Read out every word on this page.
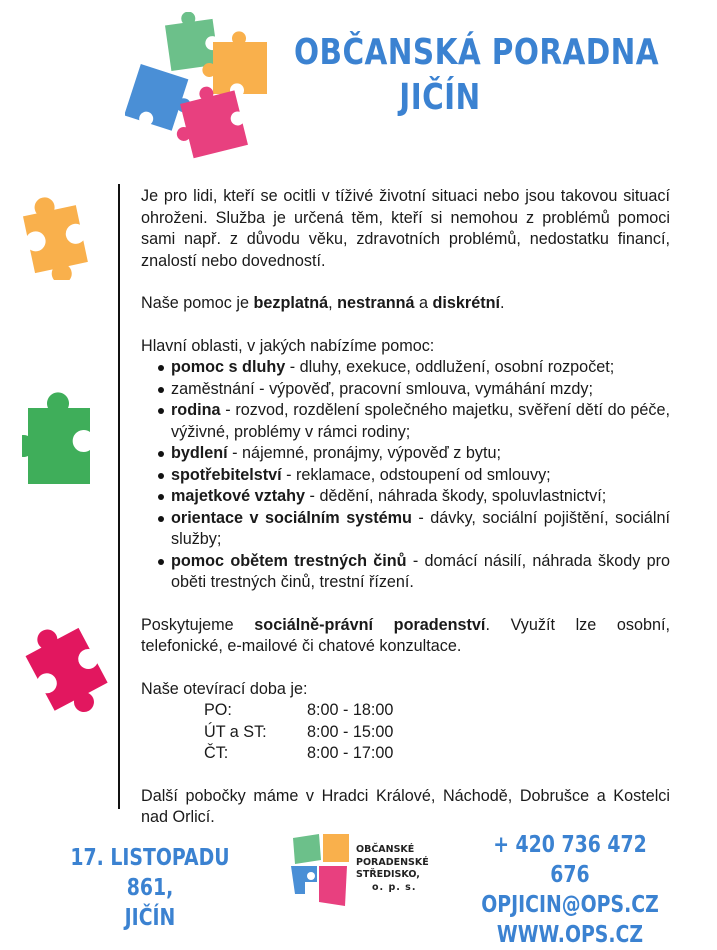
OBČANSKÁ PORADNA
JIČÍN

Je pro lidi, kteří se ocitli v tíživé životní situaci nebo jsou takovou situací ohroženi. Služba je určená těm, kteří si nemohou z problémů pomoci sami např. z důvodu věku, zdravotních problémů, nedostatku financí, znalostí nebo dovedností.

Naše pomoc je bezplatná, nestranná a diskrétní.

Hlavní oblasti, v jakých nabízíme pomoc:

pomoc s dluhy - dluhy, exekuce, oddlužení, osobní rozpočet;
zaměstnání - výpověď, pracovní smlouva, vymáhání mzdy;
rodina - rozvod, rozdělení společného majetku, svěření dětí do péče, výživné, problémy v rámci rodiny;
bydlení - nájemné, pronájmy, výpověď z bytu;
spotřebitelství - reklamace, odstoupení od smlouvy;
majetkové vztahy - dědění, náhrada škody, spoluvlastnictví;
orientace v sociálním systému - dávky, sociální pojištění, sociální služby;
pomoc obětem trestných činů - domácí násilí, náhrada škody pro oběti trestných činů, trestní řízení.

Poskytujeme sociálně-právní poradenství. Využít lze osobní, telefonické, e-mailové či chatové konzultace.

Naše otevírací doba je:

PO:	8:00 - 18:00
ÚT a ST:	8:00 - 15:00
ČT:	8:00 - 17:00

Další pobočky máme v Hradci Králové, Náchodě, Dobrušce a Kostelci nad Orlicí.

17. LISTOPADU 861,
JIČÍN
OBČANSKÉ
PORADENSKÉ
STŘEDISKO,
o. p. s.
+ 420 736 472 676
OPJICIN@OPS.CZ
WWW.OPS.CZ
